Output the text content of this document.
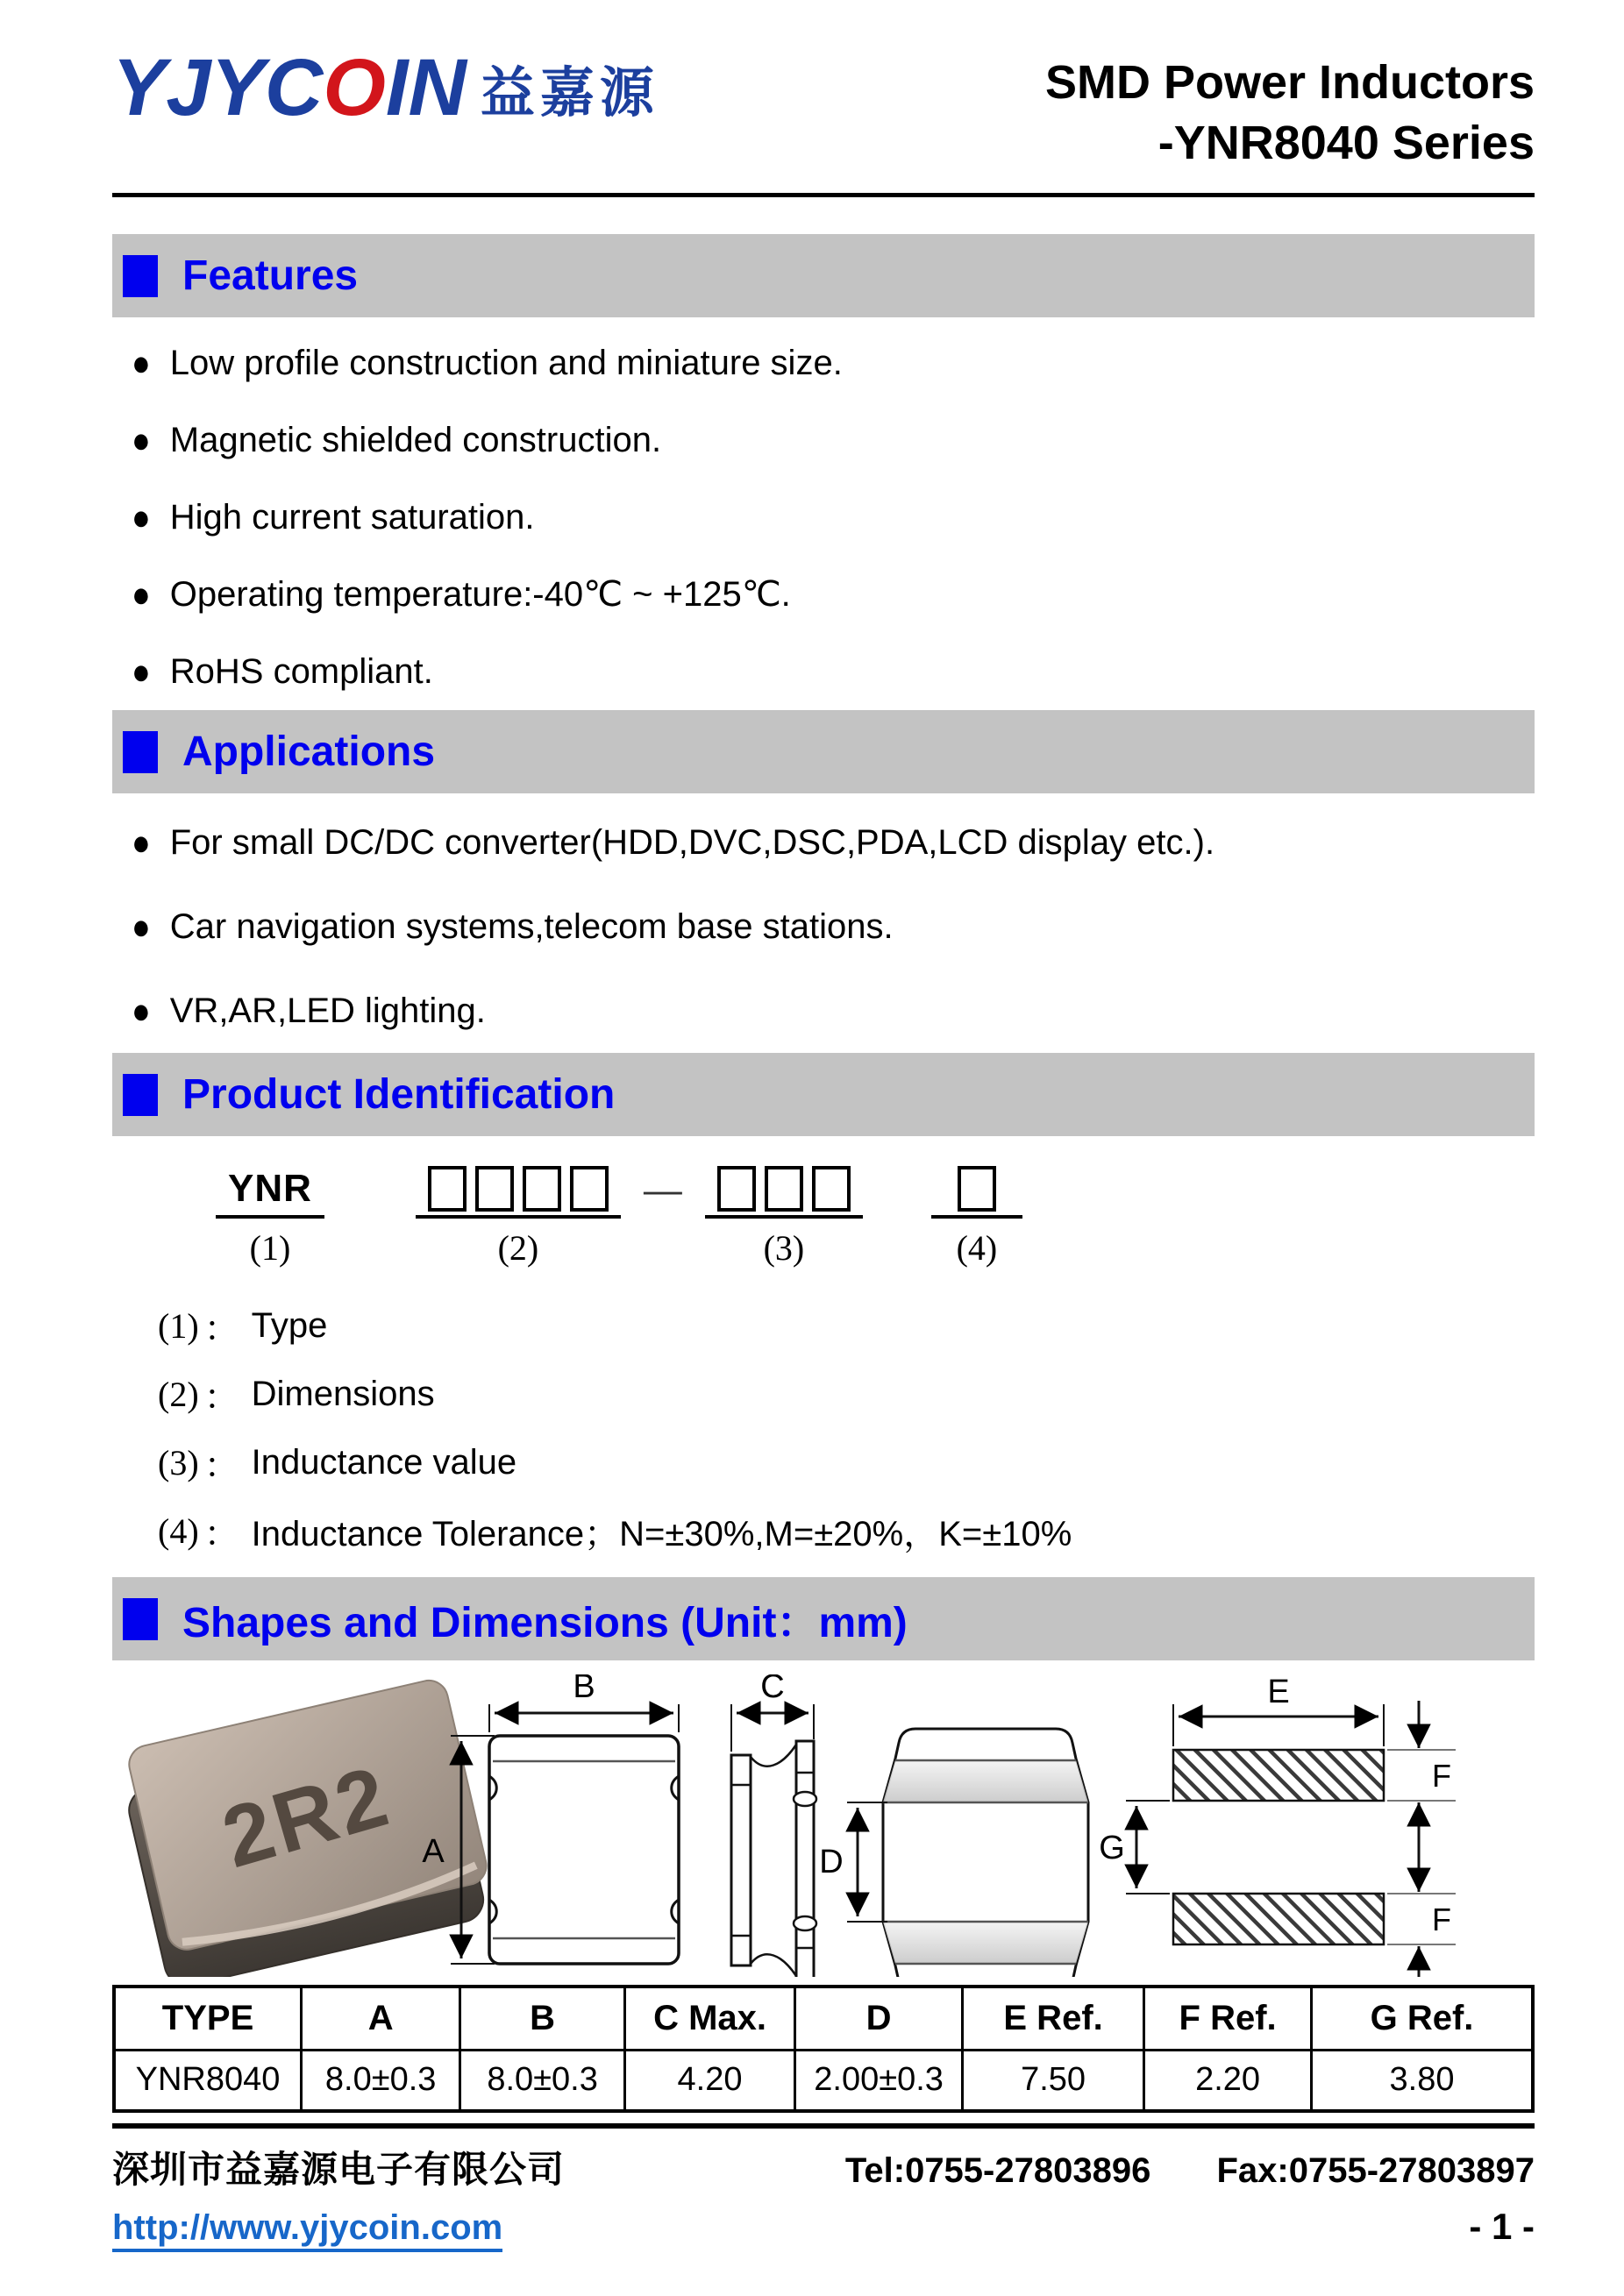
YJYCOIN 益嘉源	SMD Power Inductors
-YNR8040 Series
Features
● Low profile construction and miniature size.
● Magnetic shielded construction.
● High current saturation.
● Operating temperature:-40℃ ~ +125℃.
● RoHS compliant.
Applications
● For small DC/DC converter(HDD,DVC,DSC,PDA,LCD display etc.).
● Car navigation systems,telecom base stations.
● VR,AR,LED lighting.
Product Identification
YNR
(1)	(2)
—
(3)	(4)
(1) ： Type
(2) ： Dimensions
(3) ： Inductance value
(4) ： Inductance Tolerance；N=±30%,M=±20%，K=±10%
Shapes and Dimensions (Unit：mm)
2R2
B
A
C
D
E
F
F
G
TYPE	A	B	C Max.	D	E Ref.	F Ref.	G Ref.
YNR8040	8.0±0.3	8.0±0.3	4.20	2.00±0.3	7.50	2.20	3.80
深圳市益嘉源电子有限公司	Tel:0755-27803896 Fax:0755-27803897
http://www.yjycoin.com	- 1 -
